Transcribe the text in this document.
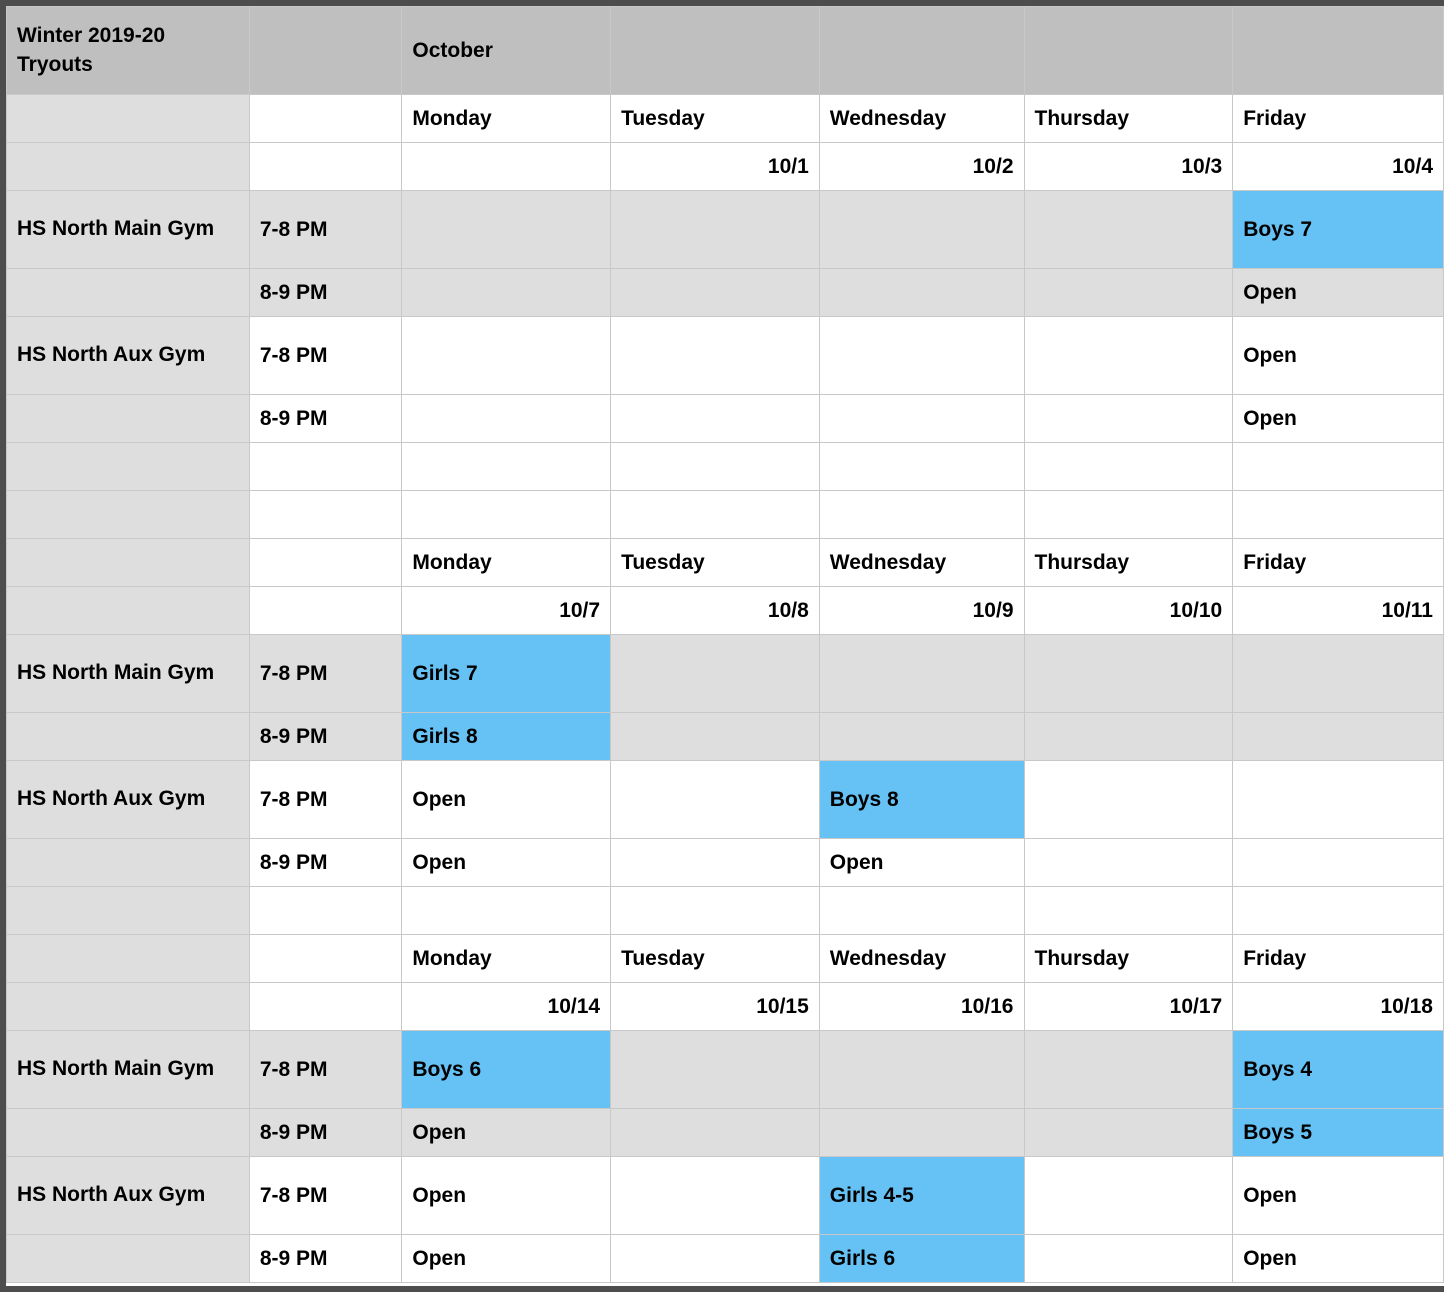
Winter 2019-20 Tryouts		October				
		Monday	Tuesday	Wednesday	Thursday	Friday
			10/1	10/2	10/3	10/4
HS North Main Gym	7-8 PM					Boys 7
	8-9 PM					Open
HS North Aux Gym	7-8 PM					Open
	8-9 PM					Open

		Monday	Tuesday	Wednesday	Thursday	Friday
		10/7	10/8	10/9	10/10	10/11
HS North Main Gym	7-8 PM	Girls 7				
	8-9 PM	Girls 8				
HS North Aux Gym	7-8 PM	Open		Boys 8		
	8-9 PM	Open		Open		

		Monday	Tuesday	Wednesday	Thursday	Friday
		10/14	10/15	10/16	10/17	10/18
HS North Main Gym	7-8 PM	Boys 6				Boys 4
	8-9 PM	Open				Boys 5
HS North Aux Gym	7-8 PM	Open		Girls 4-5		Open
	8-9 PM	Open		Girls 6		Open
